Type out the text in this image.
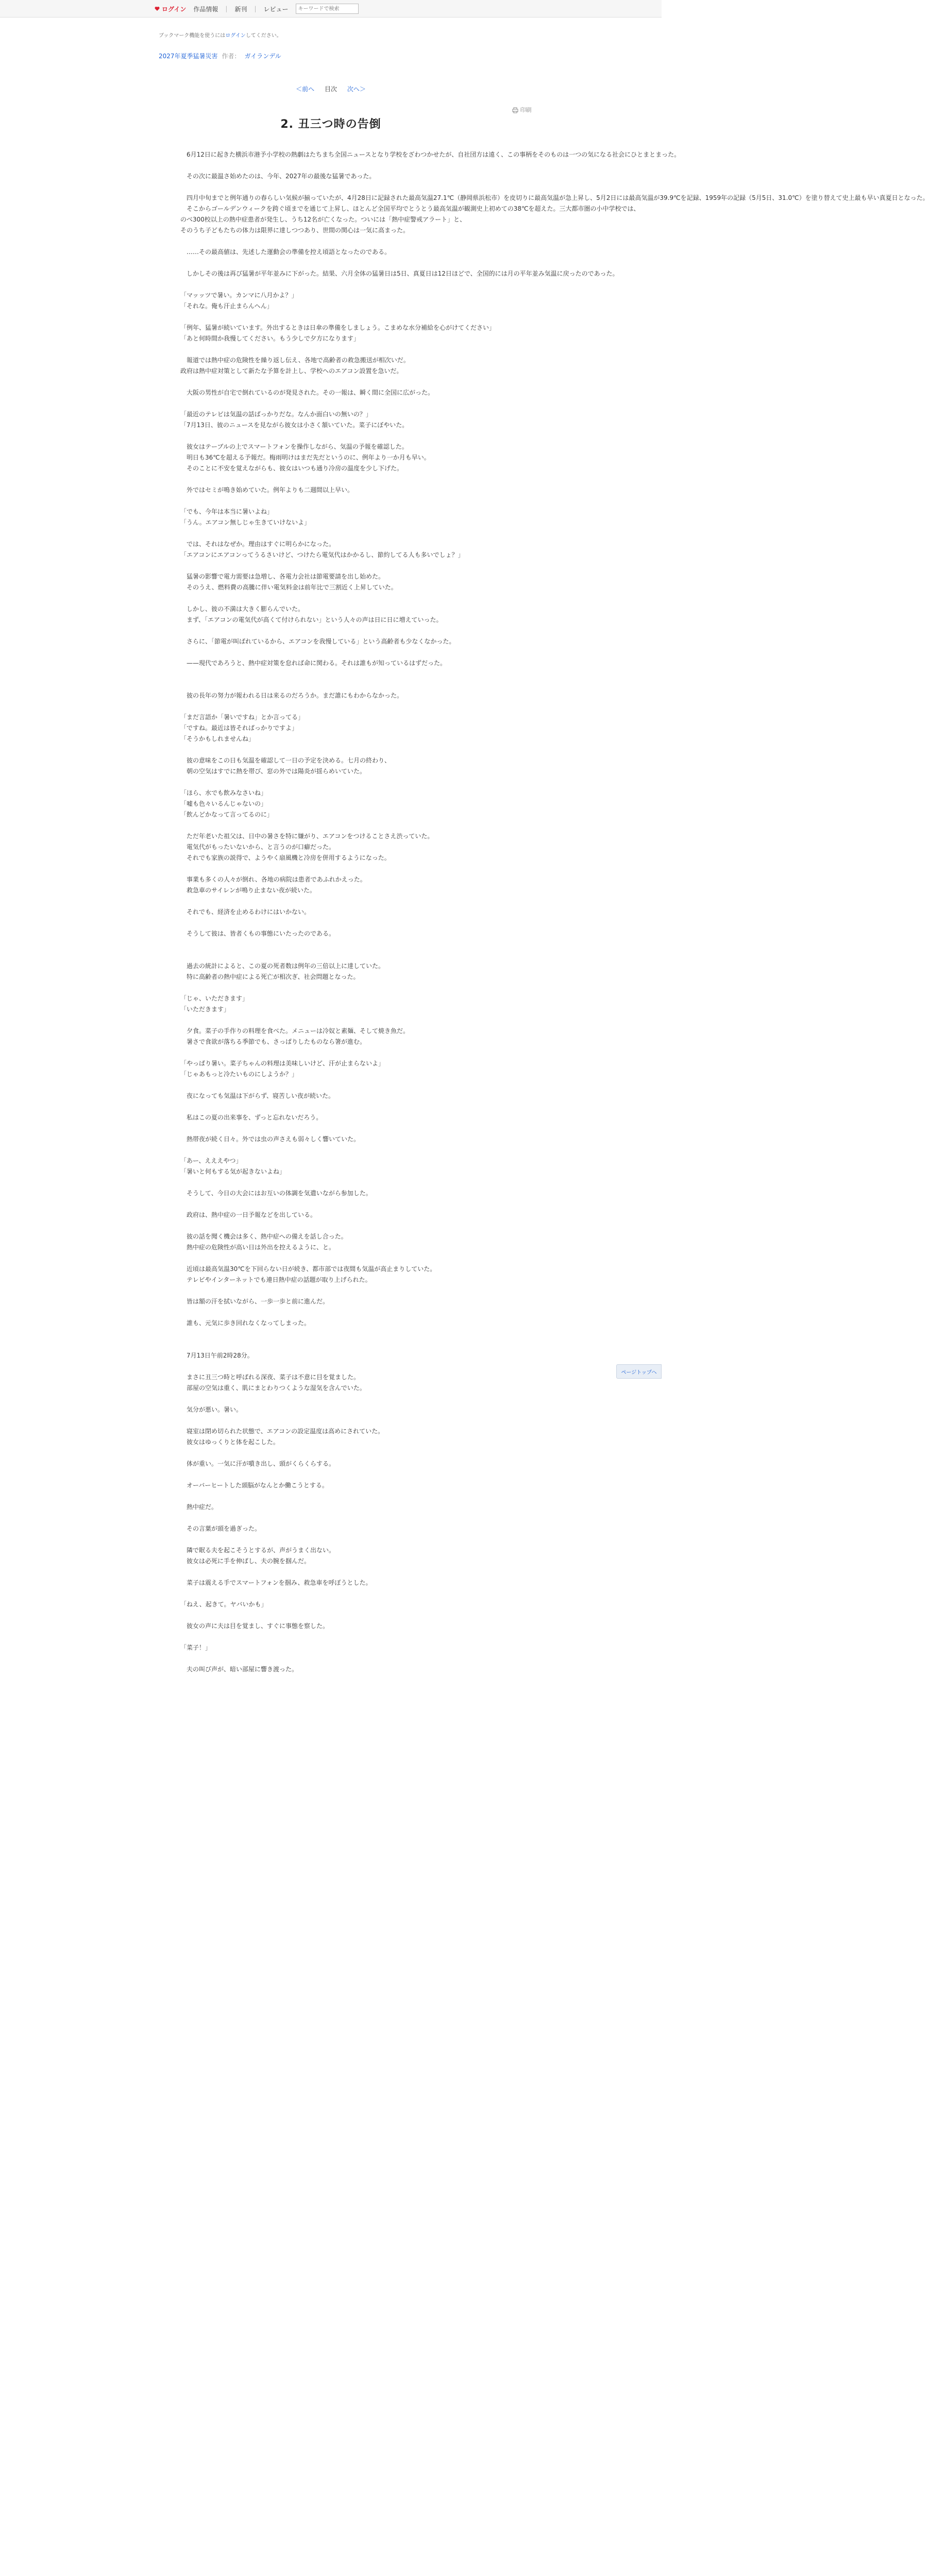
ログイン 作品情報 | 新刊 | レビュー
キーワードで検索
ブックマーク機能を使うにはログインしてください。
2027年夏季猛暑災害 作者： ガイランデル
＜前へ 目次 次へ＞
印刷
2. 丑三つ時の告倒
　6月12日に起きた横浜市港予小学校の熱劇はたちまち全国ニュースとなり学校をざわつかせたが、自社団方は遠く、この事柄をそのものは一つの気になる社会にひとまとまった。
　その次に最温さ始めたのは、今年、2027年の最後な猛暑であった。
　四月中旬までと例年通りの春らしい気候が揃っていたが、4月28日に記録された最高気温27.1℃（静岡県浜松市）を皮切りに最高気温が急上昇し、5月2日には最高気温が39.9℃を記録、1959年の記録（5月5日、31.0℃）を塗り替えて史上最も早い真夏日となった。
　そこからゴールデンウィークを跨ぐ頃までを通じて上昇し、ほとんど全国平均でとうとう最高気温が観測史上初めての38℃を超えた。三大都市圏の小中学校では、
のべ300校以上の熱中症患者が発生し、うち12名が亡くなった。ついには「熱中症警戒アラート」と、
そのうち子どもたちの体力は限界に達しつつあり、世間の関心は一気に高まった。
　……その最高値は、先述した運動会の準備を控え頃語となったのである。
　しかしその後は再び猛暑が平年並みに下がった。結果、六月全体の猛暑日は5日、真夏日は12日ほどで、全国的には月の平年並み気温に戻ったのであった。
「マッッツで暑い。カンマに八月かよ？」
「それな。俺も汗止まらんへん」
「例年、猛暑が続いています。外出するときは日傘の準備をしましょう。こまめな水分補給を心がけてください」
「あと何時間か我慢してください。もう少しで夕方になります」
　報道では熱中症の危険性を繰り返し伝え、各地で高齢者の救急搬送が相次いだ。
政府は熱中症対策として新たな予算を計上し、学校へのエアコン設置を急いだ。
　大阪の男性が自宅で倒れているのが発見された。その一報は、瞬く間に全国に広がった。
「最近のテレビは気温の話ばっかりだな。なんか面白いの無いの？」
「7月13日、彼のニュースを見ながら彼女は小さく頷いていた。菜子にぼやいた。
　彼女はテーブルの上でスマートフォンを操作しながら、気温の予報を確認した。
　明日も36℃を超える予報だ。梅雨明けはまだ先だというのに、例年より一か月も早い。
　そのことに不安を覚えながらも、彼女はいつも通り冷房の温度を少し下げた。
　外ではセミが鳴き始めていた。例年よりも二週間以上早い。
「でも、今年は本当に暑いよね」
「うん。エアコン無しじゃ生きていけないよ」
　では、それはなぜか。理由はすぐに明らかになった。
「エアコンにエアコンってうるさいけど、つけたら電気代はかかるし、節約してる人も多いでしょ？」
　猛暑の影響で電力需要は急増し、各電力会社は節電要請を出し始めた。
　そのうえ、燃料費の高騰に伴い電気料金は前年比で三割近く上昇していた。
　しかし、彼の不満は大きく膨らんでいた。
　まず、「エアコンの電気代が高くて付けられない」という人々の声は日に日に増えていった。
　さらに、「節電が叫ばれているから、エアコンを我慢している」という高齢者も少なくなかった。
　——現代であろうと、熱中症対策を怠れば命に関わる。それは誰もが知っているはずだった。
　彼の長年の努力が報われる日は来るのだろうか。まだ誰にもわからなかった。
「まだ言語か「暑いですね」とか言ってる」
「ですね。最近は皆そればっかりですよ」
「そうかもしれませんね」
　彼の意味をこの日も気温を確認して一日の予定を決める。七月の終わり、
　朝の空気はすでに熱を帯び、窓の外では陽炎が揺らめいていた。
「ほら、水でも飲みなさいね」
「嘘も色々いるんじゃないの」
「飲んどかなって言ってるのに」
　ただ年老いた祖父は、日中の暑さを特に嫌がり、エアコンをつけることさえ渋っていた。
　電気代がもったいないから、と言うのが口癖だった。
　それでも家族の説得で、ようやく扇風機と冷房を併用するようになった。
　事業も多くの人々が倒れ、各地の病院は患者であふれかえった。
　救急車のサイレンが鳴り止まない夜が続いた。
　それでも、経済を止めるわけにはいかない。
　そうして彼は、皆者くもの事態にいたったのである。
　過去の統計によると、この夏の死者数は例年の三倍以上に達していた。
　特に高齢者の熱中症による死亡が相次ぎ、社会問題となった。
「じゃ、いただきます」
「いただきます」
　夕食。菜子の手作りの料理を食べた。メニューは冷奴と素麺、そして焼き魚だ。
　暑さで食欲が落ちる季節でも、さっぱりしたものなら箸が進む。
「やっぱり暑い。菜子ちゃんの料理は美味しいけど、汗が止まらないよ」
「じゃあもっと冷たいものにしようか？」
　夜になっても気温は下がらず、寝苦しい夜が続いた。
　私はこの夏の出来事を、ずっと忘れないだろう。
　熱帯夜が続く日々。外では虫の声さえも弱々しく響いていた。
「あー、えええやつ」
「暑いと何もする気が起きないよね」
　そうして、今日の大会にはお互いの体調を気遣いながら参加した。
　政府は、熱中症の一日予報などを出している。
　彼の話を聞く機会は多く、熱中症への備えを話し合った。
　熱中症の危険性が高い日は外出を控えるように、と。
　近頃は最高気温30℃を下回らない日が続き、都市部では夜間も気温が高止まりしていた。
　テレビやインターネットでも連日熱中症の話題が取り上げられた。
　皆は額の汗を拭いながら、一歩一歩と前に進んだ。
　誰も、元気に歩き回れなくなってしまった。
　7月13日午前2時28分。
　まさに丑三つ時と呼ばれる深夜、菜子は不意に目を覚ました。
　部屋の空気は重く、肌にまとわりつくような湿気を含んでいた。
　気分が悪い。暑い。
　寝室は閉め切られた状態で、エアコンの設定温度は高めにされていた。
　彼女はゆっくりと体を起こした。
　体が重い。一気に汗が噴き出し、頭がくらくらする。
　オーバーヒートした頭脳がなんとか働こうとする。
　熱中症だ。
　その言葉が頭を過ぎった。
　隣で眠る夫を起こそうとするが、声がうまく出ない。
　彼女は必死に手を伸ばし、夫の腕を掴んだ。
　菜子は震える手でスマートフォンを掴み、救急車を呼ぼうとした。
「ねえ、起きて。ヤバいかも」
　彼女の声に夫は目を覚まし、すぐに事態を察した。
「菜子！」
　夫の叫び声が、暗い部屋に響き渡った。
ページトップへ
